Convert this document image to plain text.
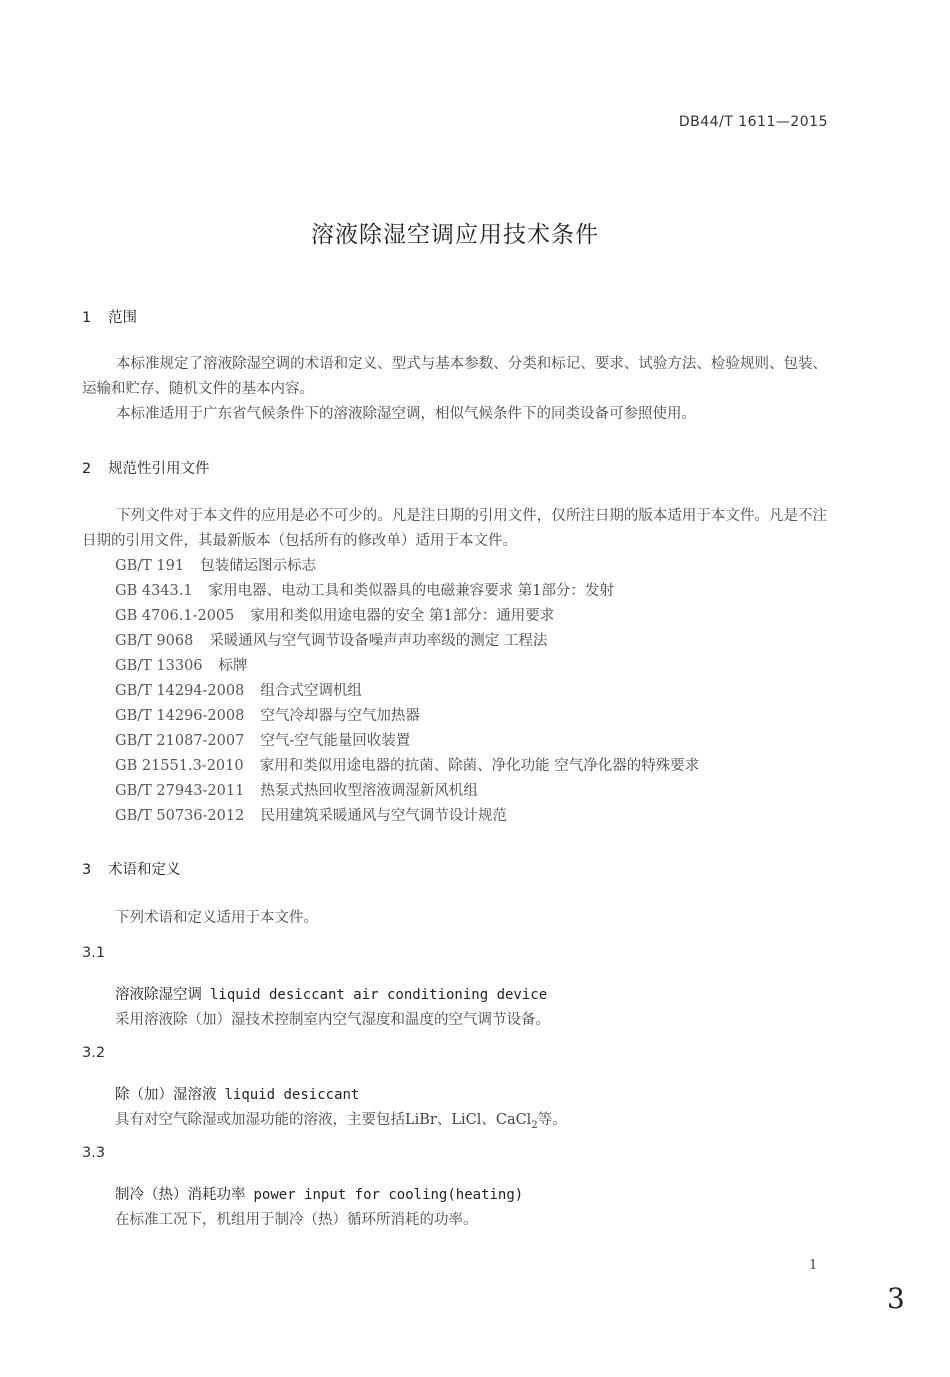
DB44/T 1611—2015
溶液除湿空调应用技术条件
1 范围

本标准规定了溶液除湿空调的术语和定义、型式与基本参数、分类和标记、要求、试验方法、检验规则、包装、运输和贮存、随机文件的基本内容。

本标准适用于广东省气候条件下的溶液除湿空调，相似气候条件下的同类设备可参照使用。

2 规范性引用文件

下列文件对于本文件的应用是必不可少的。凡是注日期的引用文件，仅所注日期的版本适用于本文件。凡是不注日期的引用文件，其最新版本（包括所有的修改单）适用于本文件。

GB/T 191 包装储运图示标志
GB 4343.1 家用电器、电动工具和类似器具的电磁兼容要求 第1部分：发射
GB 4706.1-2005 家用和类似用途电器的安全 第1部分：通用要求
GB/T 9068 采暖通风与空气调节设备噪声声功率级的测定 工程法
GB/T 13306 标牌
GB/T 14294-2008 组合式空调机组
GB/T 14296-2008 空气冷却器与空气加热器
GB/T 21087-2007 空气-空气能量回收装置
GB 21551.3-2010 家用和类似用途电器的抗菌、除菌、净化功能 空气净化器的特殊要求
GB/T 27943-2011 热泵式热回收型溶液调湿新风机组
GB/T 50736-2012 民用建筑采暖通风与空气调节设计规范
3 术语和定义
下列术语和定义适用于本文件。
3.1
溶液除湿空调 liquid desiccant air conditioning device
采用溶液除（加）湿技术控制室内空气湿度和温度的空气调节设备。
3.2
除（加）湿溶液 liquid desiccant
具有对空气除湿或加湿功能的溶液，主要包括LiBr、LiCl、CaCl$_2$等。
3.3
制冷（热）消耗功率 power input for cooling(heating)
在标准工况下，机组用于制冷（热）循环所消耗的功率。
1
3
